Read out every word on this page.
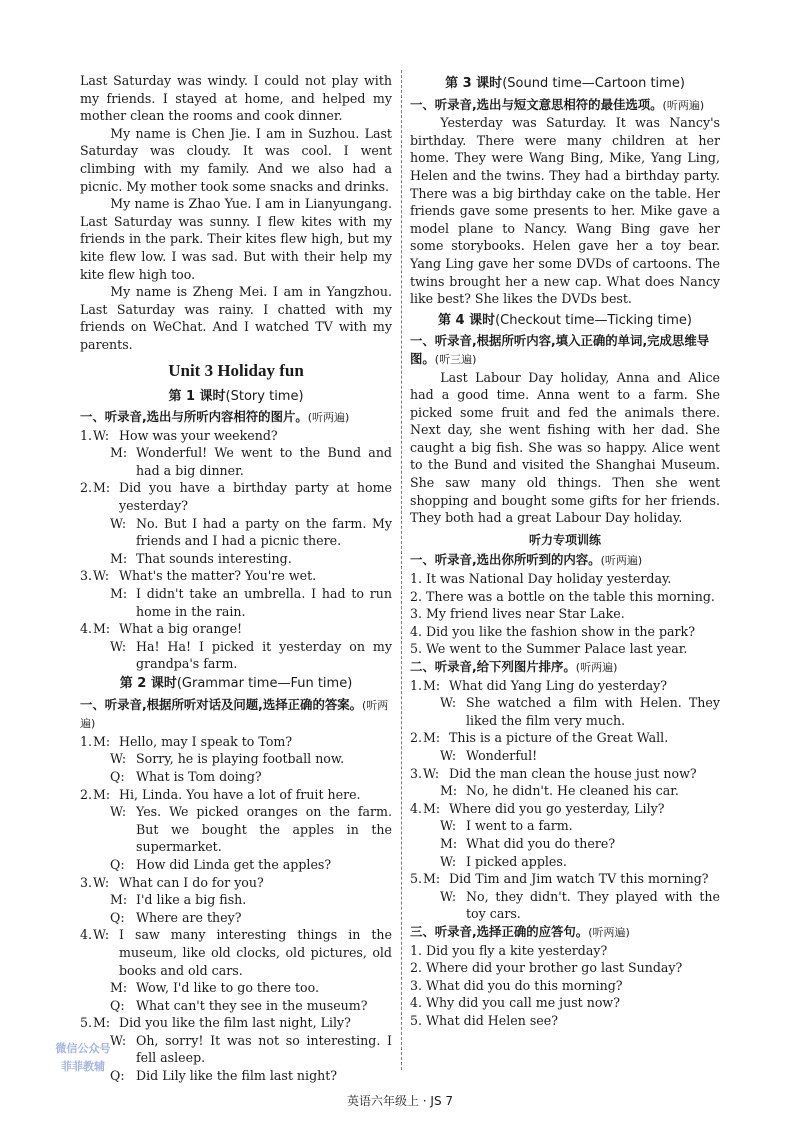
Last Saturday was windy. I could not play with my friends. I stayed at home, and helped my mother clean the rooms and cook dinner.

My name is Chen Jie. I am in Suzhou. Last Saturday was cloudy. It was cool. I went climbing with my family. And we also had a picnic. My mother took some snacks and drinks.

My name is Zhao Yue. I am in Lianyungang. Last Saturday was sunny. I flew kites with my friends in the park. Their kites flew high, but my kite flew low. I was sad. But with their help my kite flew high too.

My name is Zheng Mei. I am in Yangzhou. Last Saturday was rainy. I chatted with my friends on WeChat. And I watched TV with my parents.

Unit 3 Holiday fun
第 1 课时(Story time)
一、听录音,选出与所听内容相符的图片。(听两遍)
1. W: How was your weekend?
M: Wonderful! We went to the Bund and had a big dinner.
2. M: Did you have a birthday party at home yesterday?
W: No. But I had a party on the farm. My friends and I had a picnic there.
M: That sounds interesting.
3. W: What's the matter? You're wet.
M: I didn't take an umbrella. I had to run home in the rain.
4. M: What a big orange!
W: Ha! Ha! I picked it yesterday on my grandpa's farm.
第 2 课时(Grammar time—Fun time)
一、听录音,根据所听对话及问题,选择正确的答案。(听两遍)
1. M: Hello, may I speak to Tom?
W: Sorry, he is playing football now.
Q: What is Tom doing?
2. M: Hi, Linda. You have a lot of fruit here.
W: Yes. We picked oranges on the farm. But we bought the apples in the supermarket.
Q: How did Linda get the apples?
3. W: What can I do for you?
M: I'd like a big fish.
Q: Where are they?
4. W: I saw many interesting things in the museum, like old clocks, old pictures, old books and old cars.
M: Wow, I'd like to go there too.
Q: What can't they see in the museum?
5. M: Did you like the film last night, Lily?
W: Oh, sorry! It was not so interesting. I fell asleep.
Q: Did Lily like the film last night?
第 3 课时(Sound time—Cartoon time)
一、听录音,选出与短文意思相符的最佳选项。(听两遍)

Yesterday was Saturday. It was Nancy's birthday. There were many children at her home. They were Wang Bing, Mike, Yang Ling, Helen and the twins. They had a birthday party. There was a big birthday cake on the table. Her friends gave some presents to her. Mike gave a model plane to Nancy. Wang Bing gave her some storybooks. Helen gave her a toy bear. Yang Ling gave her some DVDs of cartoons. The twins brought her a new cap. What does Nancy like best? She likes the DVDs best.

第 4 课时(Checkout time—Ticking time)
一、听录音,根据所听内容,填入正确的单词,完成思维导图。(听三遍)

Last Labour Day holiday, Anna and Alice had a good time. Anna went to a farm. She picked some fruit and fed the animals there. Next day, she went fishing with her dad. She caught a big fish. She was so happy. Alice went to the Bund and visited the Shanghai Museum. She saw many old things. Then she went shopping and bought some gifts for her friends. They both had a great Labour Day holiday.

听力专项训练
一、听录音,选出你所听到的内容。(听两遍)
1. It was National Day holiday yesterday.
2. There was a bottle on the table this morning.
3. My friend lives near Star Lake.
4. Did you like the fashion show in the park?
5. We went to the Summer Palace last year.
二、听录音,给下列图片排序。(听两遍)
1. M: What did Yang Ling do yesterday?
W: She watched a film with Helen. They liked the film very much.
2. M: This is a picture of the Great Wall.
W: Wonderful!
3. W: Did the man clean the house just now?
M: No, he didn't. He cleaned his car.
4. M: Where did you go yesterday, Lily?
W: I went to a farm.
M: What did you do there?
W: I picked apples.
5. M: Did Tim and Jim watch TV this morning?
W: No, they didn't. They played with the toy cars.
三、听录音,选择正确的应答句。(听两遍)
1. Did you fly a kite yesterday?
2. Where did your brother go last Sunday?
3. What did you do this morning?
4. Why did you call me just now?
5. What did Helen see?
微信公众号
菲菲教辅
英语六年级上 · JS 7
